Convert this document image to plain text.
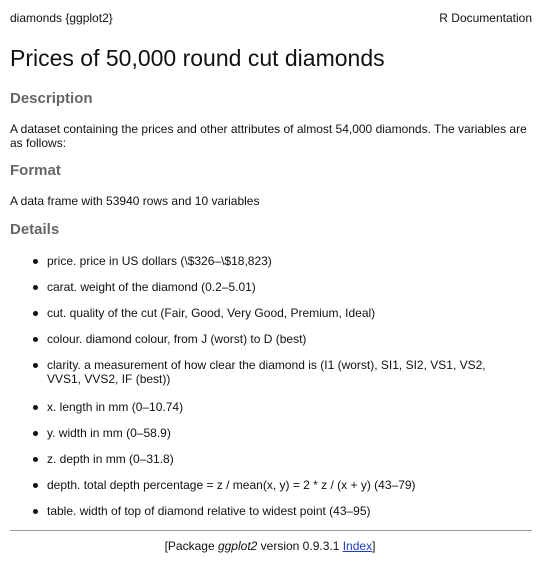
diamonds {ggplot2}	R Documentation
Prices of 50,000 round cut diamonds
Description

A dataset containing the prices and other attributes of almost 54,000 diamonds. The variables are as follows:

Format

A data frame with 53940 rows and 10 variables

Details
price. price in US dollars (\$326–\$18,823)
carat. weight of the diamond (0.2–5.01)
cut. quality of the cut (Fair, Good, Very Good, Premium, Ideal)
colour. diamond colour, from J (worst) to D (best)
clarity. a measurement of how clear the diamond is (I1 (worst), SI1, SI2, VS1, VS2, VVS1, VVS2, IF (best))
x. length in mm (0–10.74)
y. width in mm (0–58.9)
z. depth in mm (0–31.8)
depth. total depth percentage = z / mean(x, y) = 2 * z / (x + y) (43–79)
table. width of top of diamond relative to widest point (43–95)
[Package ggplot2 version 0.9.3.1 Index]
